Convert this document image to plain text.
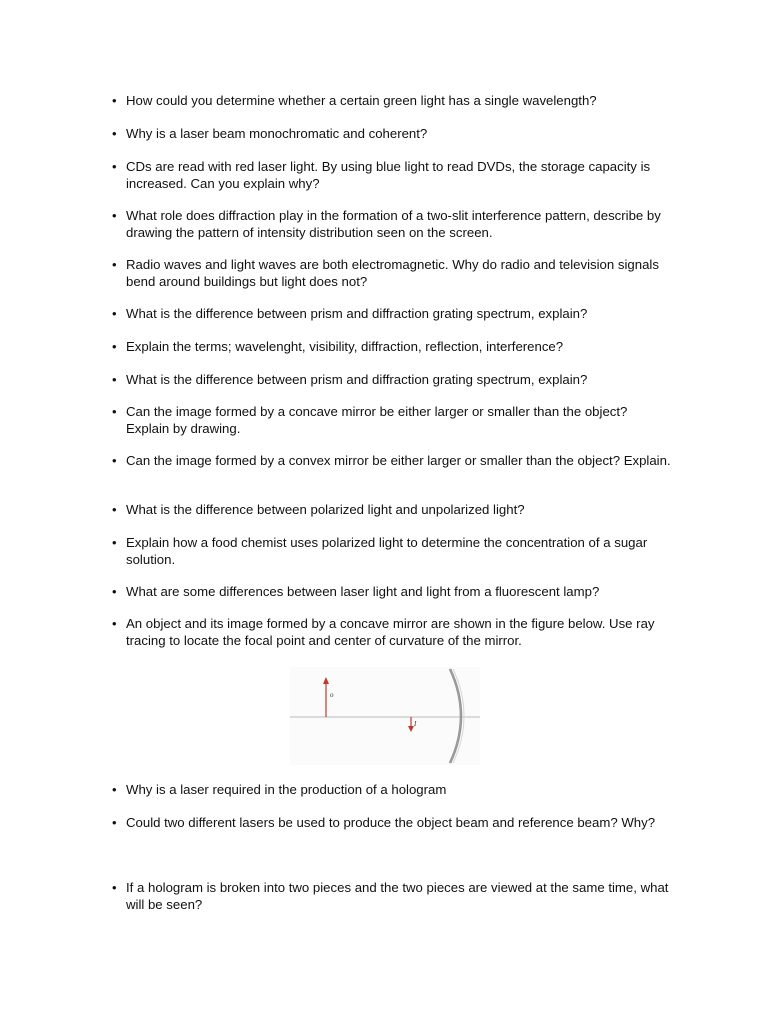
• How could you determine whether a certain green light has a single wavelength?
• Why is a laser beam monochromatic and coherent?
• CDs are read with red laser light. By using blue light to read DVDs, the storage capacity is increased. Can you explain why?
• What role does diffraction play in the formation of a two-slit interference pattern, describe by drawing the pattern of intensity distribution seen on the screen.
• Radio waves and light waves are both electromagnetic. Why do radio and television signals bend around buildings but light does not?
• What is the difference between prism and diffraction grating spectrum, explain?
• Explain the terms; wavelenght, visibility, diffraction, reflection, interference?
• What is the difference between prism and diffraction grating spectrum, explain?
• Can the image formed by a concave mirror be either larger or smaller than the object? Explain by drawing.
• Can the image formed by a convex mirror be either larger or smaller than the object? Explain.
• What is the difference between polarized light and unpolarized light?
• Explain how a food chemist uses polarized light to determine the concentration of a sugar solution.
• What are some differences between laser light and light from a fluorescent lamp?
• An object and its image formed by a concave mirror are shown in the figure below. Use ray tracing to locate the focal point and center of curvature of the mirror.
o
I
• Why is a laser required in the production of a hologram
• Could two different lasers be used to produce the object beam and reference beam? Why?
• If a hologram is broken into two pieces and the two pieces are viewed at the same time, what will be seen?
